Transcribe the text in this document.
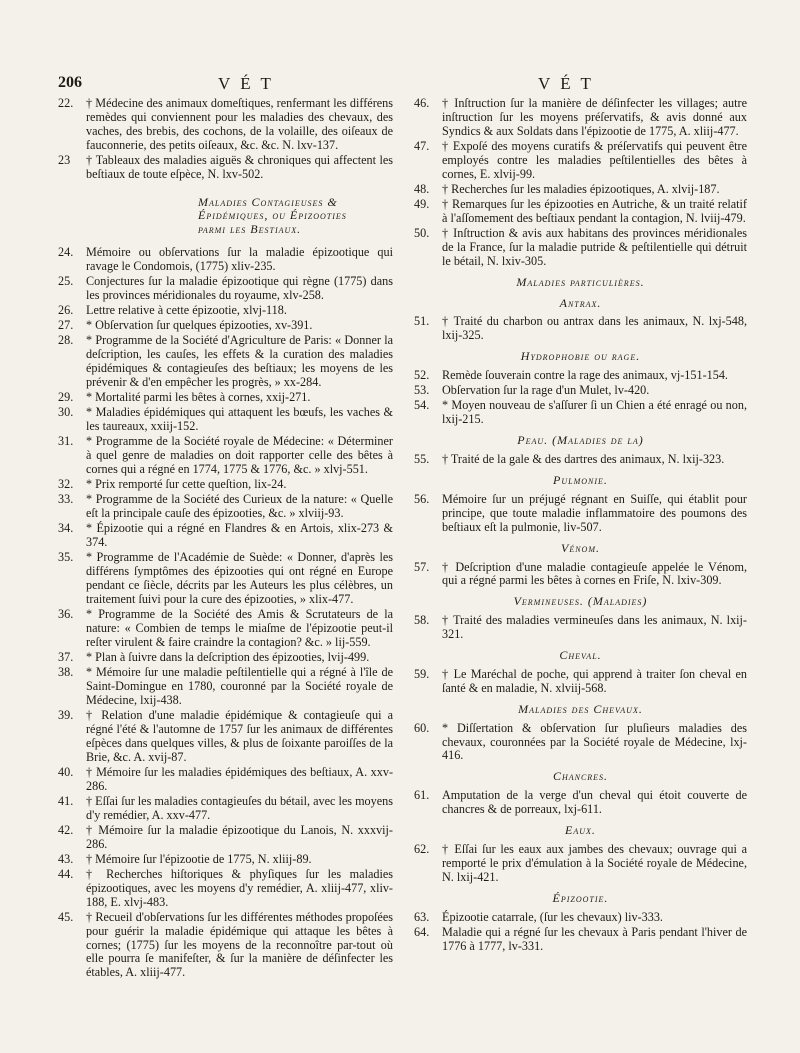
206	V É T	V É T
22.	† Médecine des animaux domeſtiques, renfermant les différens remèdes qui conviennent pour les maladies des chevaux, des vaches, des brebis, des cochons, de la volaille, des oiſeaux de fauconnerie, des petits oiſeaux, &c. &c. N. lxv-137.
23	† Tableaux des maladies aiguës & chroniques qui affectent les beſtiaux de toute eſpèce, N. lxv-502.
Maladies Contagieuses &
Épidémiques, ou Épizooties
parmi les Beſtiaux.
24.	Mémoire ou obſervations ſur la maladie épizootique qui ravage le Condomois, (1775) xliv-235.
25.	Conjectures ſur la maladie épizootique qui règne (1775) dans les provinces méridionales du royaume, xlv-258.
26.	Lettre relative à cette épizootie, xlvj-118.
27.	* Obſervation ſur quelques épizooties, xv-391.
28.	* Programme de la Société d'Agriculture de Paris: « Donner la deſcription, les cauſes, les effets & la curation des maladies épidémiques & contagieuſes des beſtiaux; les moyens de les prévenir & d'en empêcher les progrès, » xx-284.
29.	* Mortalité parmi les bêtes à cornes, xxij-271.
30.	* Maladies épidémiques qui attaquent les bœufs, les vaches & les taureaux, xxiij-152.
31.	* Programme de la Société royale de Médecine: « Déterminer à quel genre de maladies on doit rapporter celle des bêtes à cornes qui a régné en 1774, 1775 & 1776, &c. » xlvj-551.
32.	* Prix remporté ſur cette queſtion, lix-24.
33.	* Programme de la Société des Curieux de la nature: « Quelle eſt la principale cauſe des épizooties, &c. » xlviij-93.
34.	* Épizootie qui a régné en Flandres & en Artois, xlix-273 & 374.
35.	* Programme de l'Académie de Suède: « Donner, d'après les différens ſymptômes des épizooties qui ont régné en Europe pendant ce ſiècle, décrits par les Auteurs les plus célèbres, un traitement ſuivi pour la cure des épizooties, » xlix-477.
36.	* Programme de la Société des Amis & Scrutateurs de la nature: « Combien de temps le miaſme de l'épizootie peut-il reſter virulent & faire craindre la contagion? &c. » lij-559.
37.	* Plan à ſuivre dans la deſcription des épizooties, lvij-499.
38.	* Mémoire ſur une maladie peſtilentielle qui a régné à l'île de Saint-Domingue en 1780, couronné par la Société royale de Médecine, lxij-438.
39.	† Relation d'une maladie épidémique & contagieuſe qui a régné l'été & l'automne de 1757 ſur les animaux de différentes eſpèces dans quelques villes, & plus de ſoixante paroiſſes de la Brie, &c. A. xvij-87.
40.	† Mémoire ſur les maladies épidémiques des beſtiaux, A. xxv-286.
41.	† Eſſai ſur les maladies contagieuſes du bétail, avec les moyens d'y remédier, A. xxv-477.
42.	† Mémoire ſur la maladie épizootique du Lanois, N. xxxvij-286.
43.	† Mémoire ſur l'épizootie de 1775, N. xliij-89.
44.	† Recherches hiſtoriques & phyſiques ſur les maladies épizootiques, avec les moyens d'y remédier, A. xliij-477, xliv-188, E. xlvj-483.
45.	† Recueil d'obſervations ſur les différentes méthodes propoſées pour guérir la maladie épidémique qui attaque les bêtes à cornes; (1775) ſur les moyens de la reconnoître par-tout où elle pourra ſe manifeſter, & ſur la manière de déſinfecter les étables, A. xliij-477.
46.	† Inſtruction ſur la manière de déſinfecter les villages; autre inſtruction ſur les moyens préſervatifs, & avis donné aux Syndics & aux Soldats dans l'épizootie de 1775, A. xliij-477.
47.	† Expoſé des moyens curatifs & préſervatifs qui peuvent être employés contre les maladies peſtilentielles des bêtes à cornes, E. xlvij-99.
48.	† Recherches ſur les maladies épizootiques, A. xlvij-187.
49.	† Remarques ſur les épizooties en Autriche, & un traité relatif à l'aſſomement des beſtiaux pendant la contagion, N. lviij-479.
50.	† Inſtruction & avis aux habitans des provinces méridionales de la France, ſur la maladie putride & peſtilentielle qui détruit le bétail, N. lxiv-305.
Maladies particulières.
Antrax.
51.	† Traité du charbon ou antrax dans les animaux, N. lxj-548, lxij-325.
Hydrophobie ou rage.
52.	Remède ſouverain contre la rage des animaux, vj-151-154.
53.	Obſervation ſur la rage d'un Mulet, lv-420.
54.	* Moyen nouveau de s'aſſurer ſi un Chien a été enragé ou non, lxij-215.
Peau. (Maladies de la)
55.	† Traité de la gale & des dartres des animaux, N. lxij-323.
Pulmonie.
56.	Mémoire ſur un préjugé régnant en Suiſſe, qui établit pour principe, que toute maladie inflammatoire des poumons des beſtiaux eſt la pulmonie, liv-507.
Vénom.
57.	† Deſcription d'une maladie contagieuſe appelée le Vénom, qui a régné parmi les bêtes à cornes en Friſe, N. lxiv-309.
Vermineuses. (Maladies)
58.	† Traité des maladies vermineuſes dans les animaux, N. lxij-321.
Cheval.
59.	† Le Maréchal de poche, qui apprend à traiter ſon cheval en ſanté & en maladie, N. xlviij-568.
Maladies des Chevaux.
60.	* Diſſertation & obſervation ſur pluſieurs maladies des chevaux, couronnées par la Société royale de Médecine, lxj-416.
Chancres.
61.	Amputation de la verge d'un cheval qui étoit couverte de chancres & de porreaux, lxj-611.
Eaux.
62.	† Eſſai ſur les eaux aux jambes des chevaux; ouvrage qui a remporté le prix d'émulation à la Société royale de Médecine, N. lxij-421.
Épizootie.
63.	Épizootie catarrale, (ſur les chevaux) liv-333.
64.	Maladie qui a régné ſur les chevaux à Paris pendant l'hiver de 1776 à 1777, lv-331.
